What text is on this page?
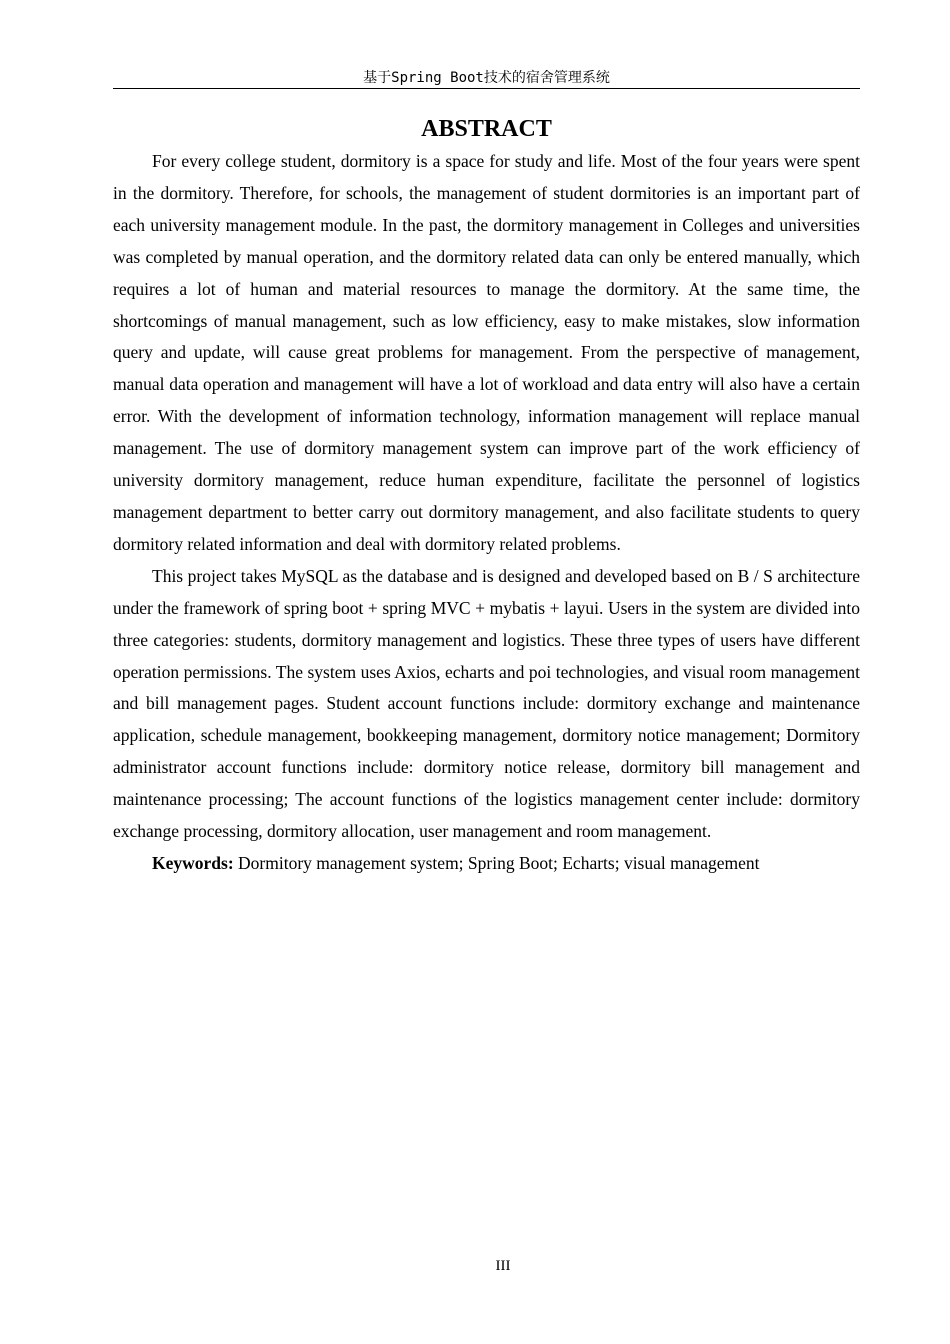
基于Spring Boot技术的宿舍管理系统
ABSTRACT

For every college student, dormitory is a space for study and life. Most of the four years were spent in the dormitory. Therefore, for schools, the management of student dormitories is an important part of each university management module. In the past, the dormitory management in Colleges and universities was completed by manual operation, and the dormitory related data can only be entered manually, which requires a lot of human and material resources to manage the dormitory. At the same time, the shortcomings of manual management, such as low efficiency, easy to make mistakes, slow information query and update, will cause great problems for management. From the perspective of management, manual data operation and management will have a lot of workload and data entry will also have a certain error. With the development of information technology, information management will replace manual management. The use of dormitory management system can improve part of the work efficiency of university dormitory management, reduce human expenditure, facilitate the personnel of logistics management department to better carry out dormitory management, and also facilitate students to query dormitory related information and deal with dormitory related problems.

This project takes MySQL as the database and is designed and developed based on B / S architecture under the framework of spring boot + spring MVC + mybatis + layui. Users in the system are divided into three categories: students, dormitory management and logistics. These three types of users have different operation permissions. The system uses Axios, echarts and poi technologies, and visual room management and bill management pages. Student account functions include: dormitory exchange and maintenance application, schedule management, bookkeeping management, dormitory notice management; Dormitory administrator account functions include: dormitory notice release, dormitory bill management and maintenance processing; The account functions of the logistics management center include: dormitory exchange processing, dormitory allocation, user management and room management.

Keywords: Dormitory management system; Spring Boot; Echarts; visual management

III
